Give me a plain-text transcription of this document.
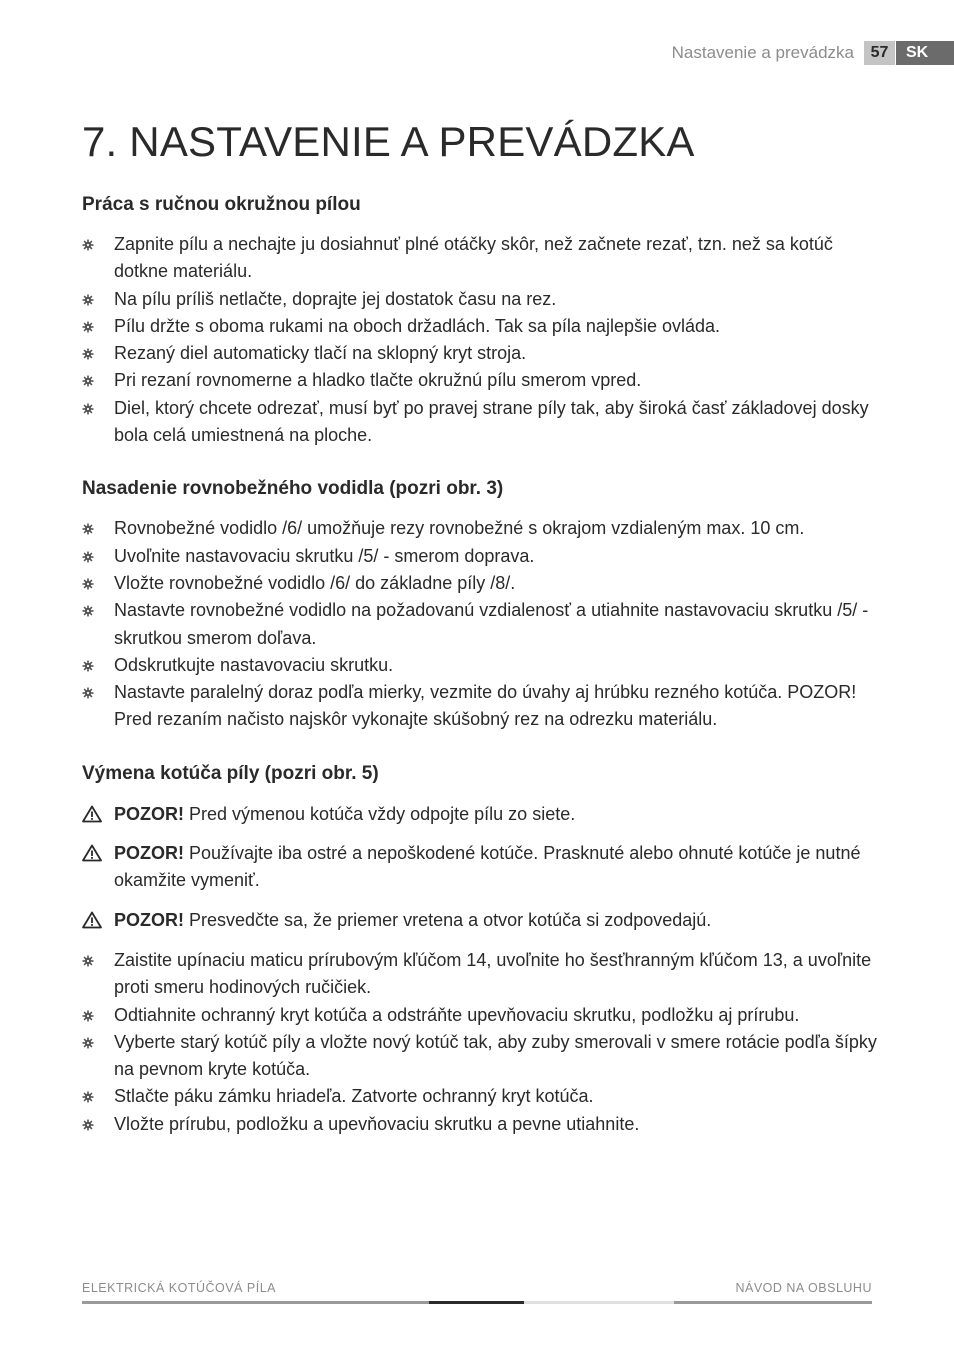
Nastavenie a prevádzka	57	SK
7. NASTAVENIE A PREVÁDZKA
Práca s ručnou okružnou pílou
Zapnite pílu a nechajte ju dosiahnuť plné otáčky skôr, než začnete rezať, tzn. než sa kotúč dotkne materiálu.
Na pílu príliš netlačte, doprajte jej dostatok času na rez.
Pílu držte s oboma rukami na oboch držadlách. Tak sa píla najlepšie ovláda.
Rezaný diel automaticky tlačí na sklopný kryt stroja.
Pri rezaní rovnomerne a hladko tlačte okružnú pílu smerom vpred.
Diel, ktorý chcete odrezať, musí byť po pravej strane píly tak, aby široká časť základovej dosky bola celá umiestnená na ploche.
Nasadenie rovnobežného vodidla (pozri obr. 3)
Rovnobežné vodidlo /6/ umožňuje rezy rovnobežné s okrajom vzdialeným max. 10 cm.
Uvoľnite nastavovaciu skrutku /5/ - smerom doprava.
Vložte rovnobežné vodidlo /6/ do základne píly /8/.
Nastavte rovnobežné vodidlo na požadovanú vzdialenosť a utiahnite nastavovaciu skrutku /5/ - skrutkou smerom doľava.
Odskrutkujte nastavovaciu skrutku.
Nastavte paralelný doraz podľa mierky, vezmite do úvahy aj hrúbku rezného kotúča. POZOR! Pred rezaním načisto najskôr vykonajte skúšobný rez na odrezku materiálu.
Výmena kotúča píly (pozri obr. 5)
POZOR! Pred výmenou kotúča vždy odpojte pílu zo siete.
POZOR! Používajte iba ostré a nepoškodené kotúče. Prasknuté alebo ohnuté kotúče je nutné okamžite vymeniť.
POZOR! Presvedčte sa, že priemer vretena a otvor kotúča si zodpovedajú.
Zaistite upínaciu maticu prírubovým kľúčom 14, uvoľnite ho šesťhranným kľúčom 13, a uvoľnite proti smeru hodinových ručičiek.
Odtiahnite ochranný kryt kotúča a odstráňte upevňovaciu skrutku, podložku aj prírubu.
Vyberte starý kotúč píly a vložte nový kotúč tak, aby zuby smerovali v smere rotácie podľa šípky na pevnom kryte kotúča.
Stlačte páku zámku hriadeľa. Zatvorte ochranný kryt kotúča.
Vložte prírubu, podložku a upevňovaciu skrutku a pevne utiahnite.
ELEKTRICKÁ KOTÚČOVÁ PÍLA	NÁVOD NA OBSLUHU
